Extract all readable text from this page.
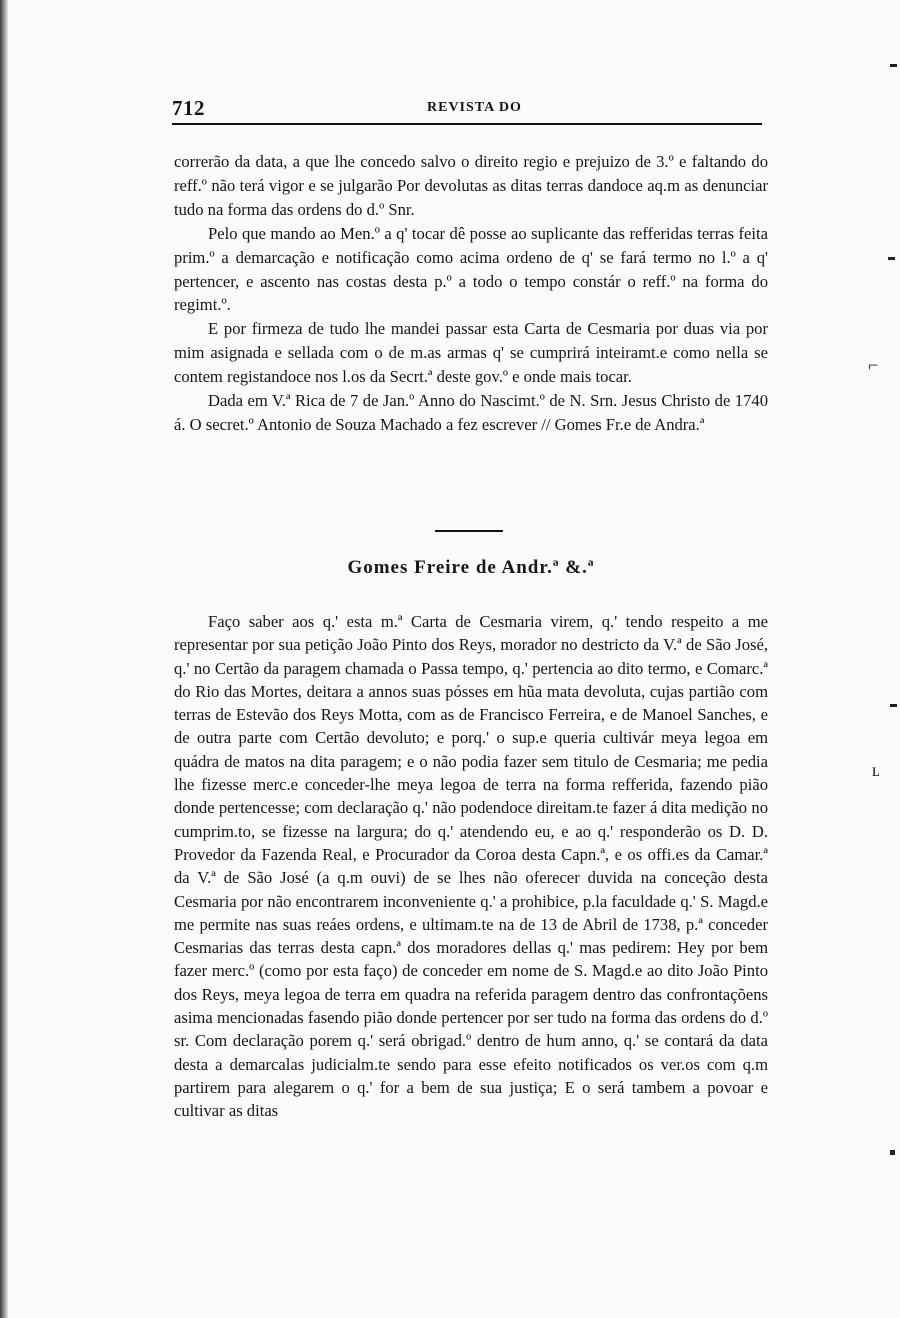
712	REVISTA DO

correrão da data, a que lhe concedo salvo o direito regio e prejuizo de 3.º e faltando do reff.º não terá vigor e se julgarão Por devolutas as ditas terras dandoce aq.m as denunciar tudo na forma das ordens do d.º Snr.

Pelo que mando ao Men.º a q' tocar dê posse ao suplicante das refferidas terras feita prim.º a demarcação e notificação como acima ordeno de q' se fará termo no l.º a q' pertencer, e ascento nas costas desta p.º a todo o tempo constár o reff.º na forma do regimt.º.

E por firmeza de tudo lhe mandei passar esta Carta de Cesmaria por duas via por mim asignada e sellada com o de m.as armas q' se cumprirá inteiramt.e como nella se contem registandoce nos l.os da Secrt.ª deste gov.º e onde mais tocar.

Dada em V.ª Rica de 7 de Jan.º Anno do Nascimt.º de N. Srn. Jesus Christo de 1740 á. O secret.º Antonio de Souza Machado a fez escrever // Gomes Fr.e de Andra.ª

Gomes Freire de Andr.ª &.ª

Faço saber aos q.' esta m.ª Carta de Cesmaria virem, q.' tendo respeito a me representar por sua petição João Pinto dos Reys, morador no destricto da V.ª de São José, q.' no Certão da paragem chamada o Passa tempo, q.' pertencia ao dito termo, e Comarc.ª do Rio das Mortes, deitara a annos suas pósses em hũa mata devoluta, cujas partião com terras de Estevão dos Reys Motta, com as de Francisco Ferreira, e de Manoel Sanches, e de outra parte com Certão devoluto; e porq.' o sup.e queria cultivár meya legoa em quádra de matos na dita paragem; e o não podia fazer sem titulo de Cesmaria; me pedia lhe fizesse merc.e conceder-lhe meya legoa de terra na forma refferida, fazendo pião donde pertencesse; com declaração q.' não podendoce direitam.te fazer á dita medição no cumprim.to, se fizesse na largura; do q.' atendendo eu, e ao q.' responderão os D. D. Provedor da Fazenda Real, e Procurador da Coroa desta Capn.ª, e os offi.es da Camar.ª da V.ª de São José (a q.m ouvi) de se lhes não oferecer duvida na conceção desta Cesmaria por não encontrarem inconveniente q.' a prohibice, p.la faculdade q.' S. Magd.e me permite nas suas reáes ordens, e ultimam.te na de 13 de Abril de 1738, p.ª conceder Cesmarias das terras desta capn.ª dos moradores dellas q.' mas pedirem: Hey por bem fazer merc.º (como por esta faço) de conceder em nome de S. Magd.e ao dito João Pinto dos Reys, meya legoa de terra em quadra na referida paragem dentro das confrontaçõens asima mencionadas fasendo pião donde pertencer por ser tudo na forma das ordens do d.º sr. Com declaração porem q.' será obrigad.º dentro de hum anno, q.' se contará da data desta a demarcalas judicialm.te sendo para esse efeito notificados os ver.os com q.m partirem para alegarem o q.' for a bem de sua justiça; E o será tambem a povoar e cultivar as ditas

⌐
ʟ
